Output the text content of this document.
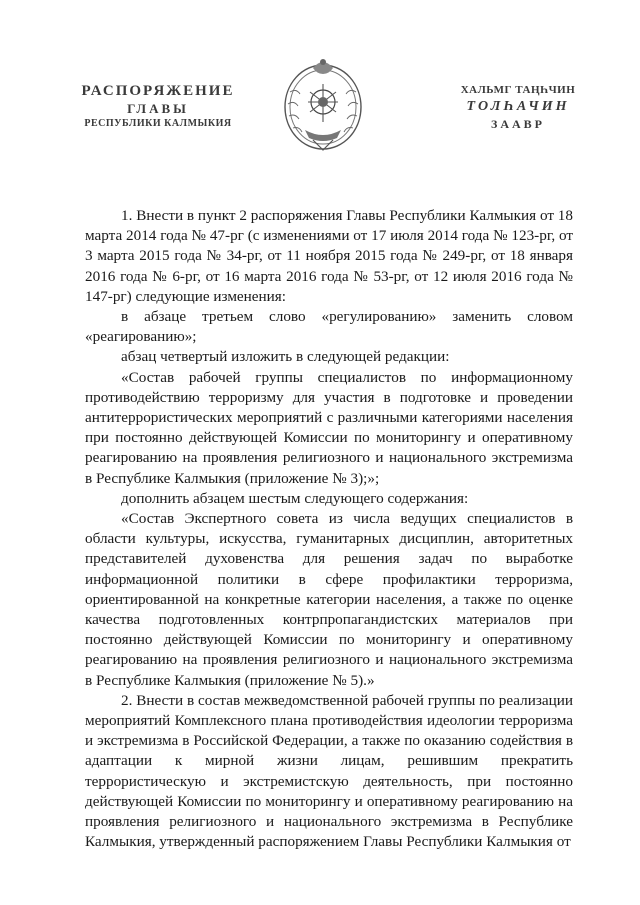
РАСПОРЯЖЕНИЕ
ГЛАВЫ
РЕСПУБЛИКИ КАЛМЫКИЯ
ХАЛЬМГ ТАҢҺЧИН
ТОЛҺАЧИН
ЗААВР

1. Внести в пункт 2 распоряжения Главы Республики Калмыкия от 18 марта 2014 года № 47-рг (с изменениями от 17 июля 2014 года № 123-рг, от 3 марта 2015 года № 34-рг, от 11 ноября 2015 года № 249-рг, от 18 января 2016 года № 6-рг, от 16 марта 2016 года № 53-рг, от 12 июля 2016 года № 147-рг) следующие изменения:

в абзаце третьем слово «регулированию» заменить словом «реагированию»;

абзац четвертый изложить в следующей редакции:

«Состав рабочей группы специалистов по информационному противодействию терроризму для участия в подготовке и проведении антитеррористических мероприятий с различными категориями населения при постоянно действующей Комиссии по мониторингу и оперативному реагированию на проявления религиозного и национального экстремизма в Республике Калмыкия (приложение № 3);»;

дополнить абзацем шестым следующего содержания:

«Состав Экспертного совета из числа ведущих специалистов в области культуры, искусства, гуманитарных дисциплин, авторитетных представителей духовенства для решения задач по выработке информационной политики в сфере профилактики терроризма, ориентированной на конкретные категории населения, а также по оценке качества подготовленных контрпропагандистских материалов при постоянно действующей Комиссии по мониторингу и оперативному реагированию на проявления религиозного и национального экстремизма в Республике Калмыкия (приложение № 5).»

2. Внести в состав межведомственной рабочей группы по реализации мероприятий Комплексного плана противодействия идеологии терроризма и экстремизма в Российской Федерации, а также по оказанию содействия в адаптации к мирной жизни лицам, решившим прекратить террористическую и экстремистскую деятельность, при постоянно действующей Комиссии по мониторингу и оперативному реагированию на проявления религиозного и национального экстремизма в Республике Калмыкия, утвержденный распоряжением Главы Республики Калмыкия от
